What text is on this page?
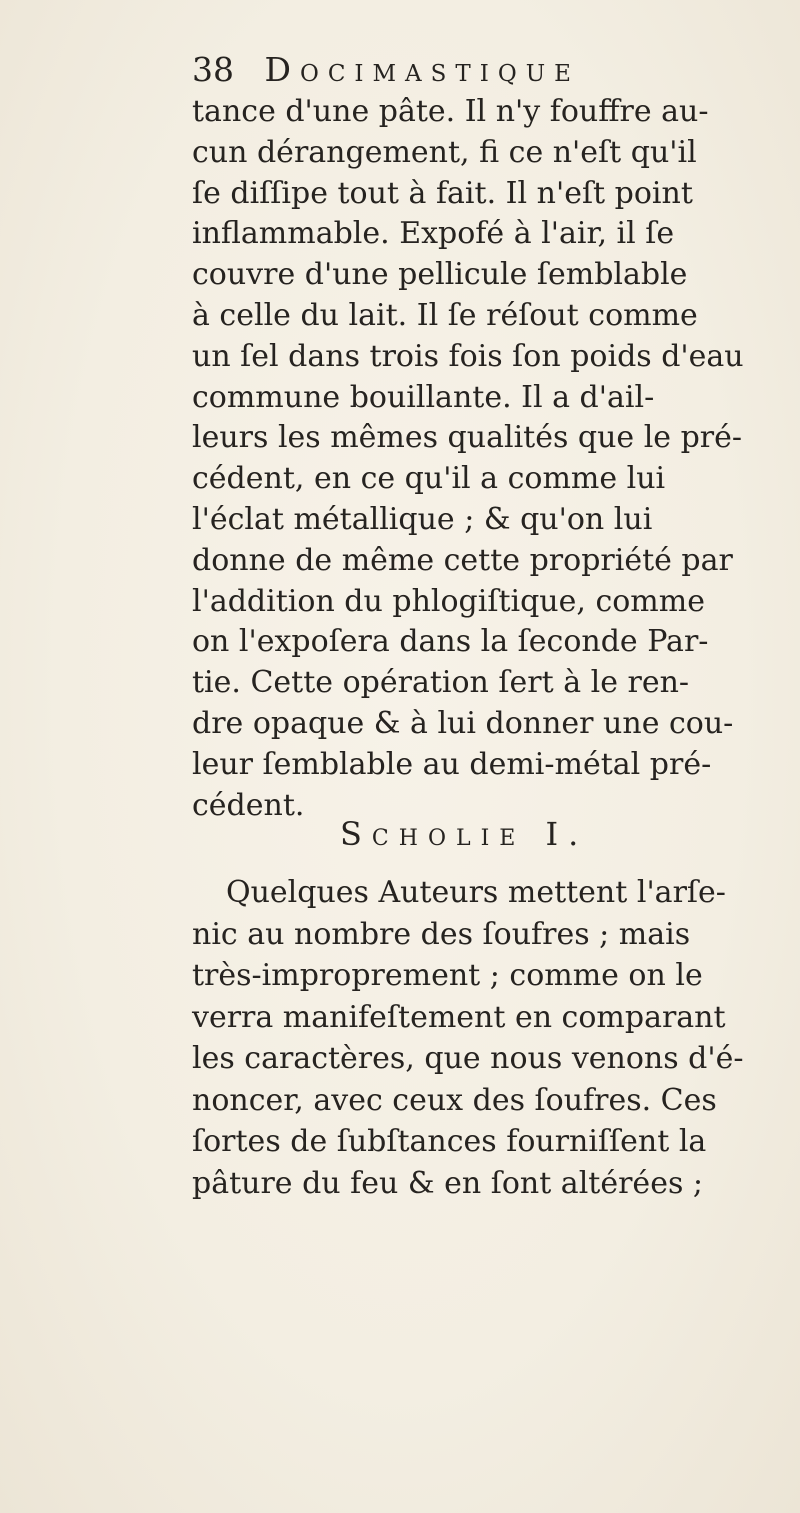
38 Docimastique
tance d'une pâte. Il n'y fouffre au-
cun dérangement, fi ce n'eſt qu'il
ſe diſſipe tout à fait. Il n'eſt point
inflammable. Expofé à l'air, il ſe
couvre d'une pellicule ſemblable
à celle du lait. Il ſe réſout comme
un ſel dans trois fois ſon poids d'eau
commune bouillante. Il a d'ail-
leurs les mêmes qualités que le pré-
cédent, en ce qu'il a comme lui
l'éclat métallique ; & qu'on lui
donne de même cette propriété par
l'addition du phlogiſtique, comme
on l'expoſera dans la ſeconde Par-
tie. Cette opération ſert à le ren-
dre opaque & à lui donner une cou-
leur ſemblable au demi-métal pré-
cédent.
Scholie I.
Quelques Auteurs mettent l'arſe-
nic au nombre des ſoufres ; mais
très-improprement ; comme on le
verra manifeſtement en comparant
les caractères, que nous venons d'é-
noncer, avec ceux des ſoufres. Ces
ſortes de ſubſtances fourniſſent la
pâture du feu & en ſont altérées ;
